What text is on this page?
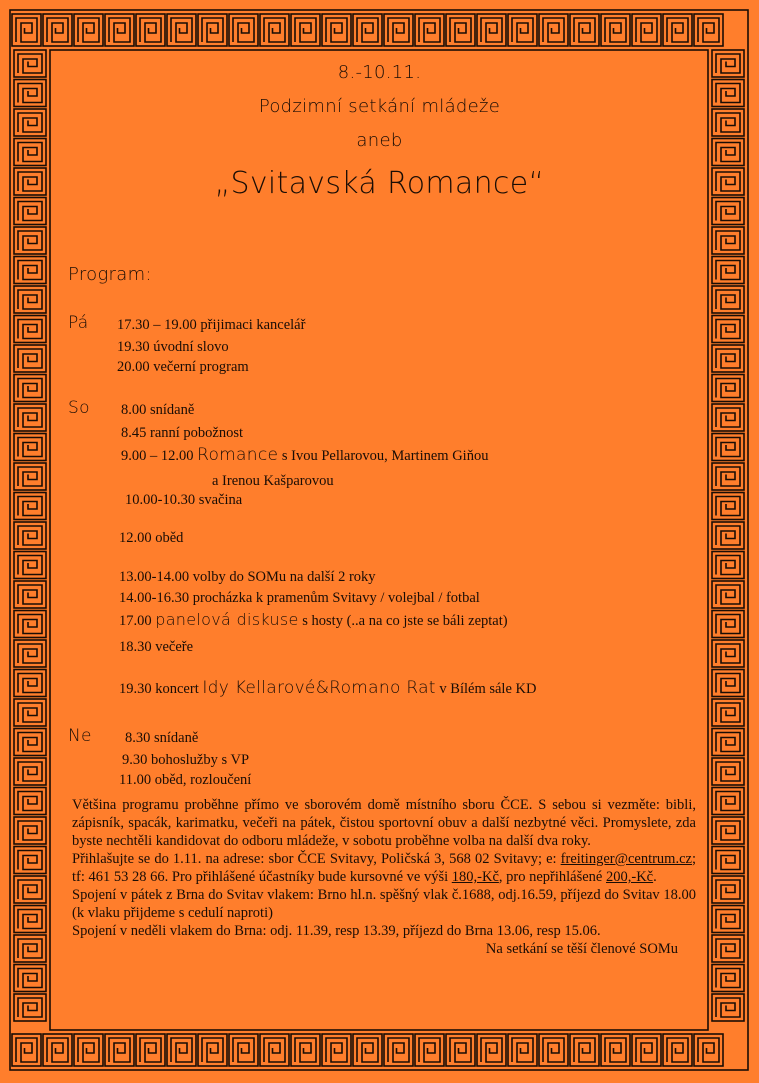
8.-10.11.
Podzimní setkání mládeže
aneb
„Svitavská Romance“
Program:
Pá 17.30 – 19.00 přijimaci kancelář
19.30 úvodní slovo
20.00 večerní program
So 8.00 snídaně
8.45 ranní pobožnost
9.00 – 12.00 Romance s Ivou Pellarovou, Martinem Giňou
a Irenou Kašparovou
10.00-10.30 svačina
12.00 oběd
13.00-14.00 volby do SOMu na další 2 roky
14.00-16.30 procházka k pramenům Svitavy / volejbal / fotbal
17.00 panelová diskuse s hosty (..a na co jste se báli zeptat)
18.30 večeře
19.30 koncert Idy Kellarové&Romano Rat v Bílém sále KD
Ne 8.30 snídaně
9.30 bohoslužby s VP
11.00 oběd, rozloučení

Většina programu proběhne přímo ve sborovém domě místního sboru ČCE. S sebou si vezměte: bibli, zápisník, spacák, karimatku, večeři na pátek, čistou sportovní obuv a další nezbytné věci. Promyslete, zda byste nechtěli kandidovat do odboru mládeže, v sobotu proběhne volba na další dva roky.

Přihlašujte se do 1.11. na adrese: sbor ČCE Svitavy, Poličská 3, 568 02 Svitavy; e: freitinger@centrum.cz; tf: 461 53 28 66. Pro přihlášené účastníky bude kursovné ve výši 180,-Kč, pro nepřihlášené 200,-Kč.

Spojení v pátek z Brna do Svitav vlakem: Brno hl.n. spěšný vlak č.1688, odj.16.59, příjezd do Svitav 18.00 (k vlaku přijdeme s cedulí naproti)

Spojení v neděli vlakem do Brna: odj. 11.39, resp 13.39, příjezd do Brna 13.06, resp 15.06.

Na setkání se těší členové SOMu
